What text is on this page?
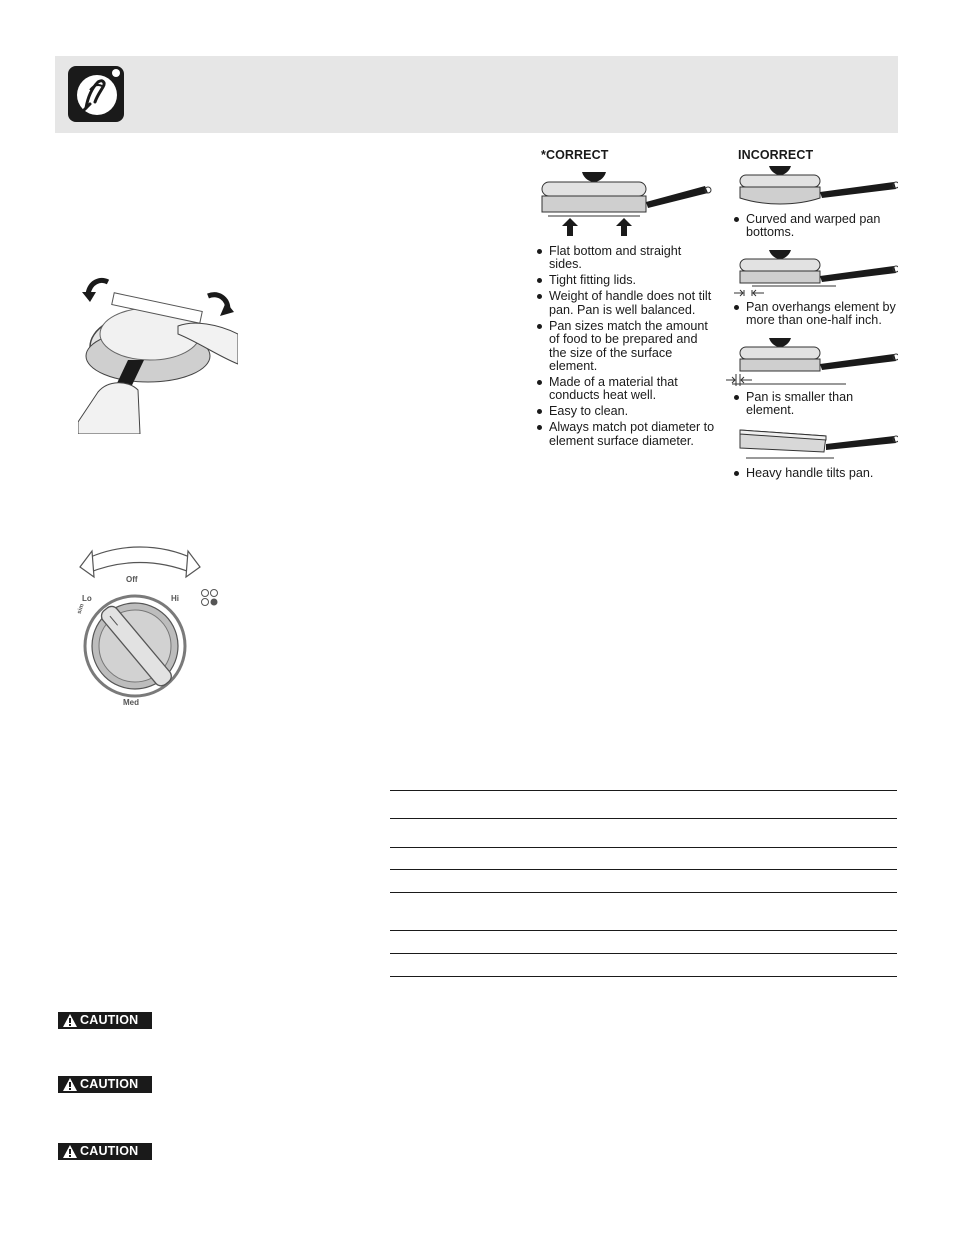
Off
Lo	Hi
Med
sim
*CORRECT
Flat bottom and straight sides.
Tight fitting lids.
Weight of handle does not tilt pan. Pan is well balanced.
Pan sizes match the amount of food to be prepared and the size of the surface element.
Made of a material that conducts heat well.
Easy to clean.
Always match pot diameter to element surface diameter.
INCORRECT
Curved and warped pan
bottoms.
Pan overhangs element by
more than one-half inch.
Pan is smaller than
element.
Heavy handle tilts pan.
CAUTION
CAUTION
CAUTION
